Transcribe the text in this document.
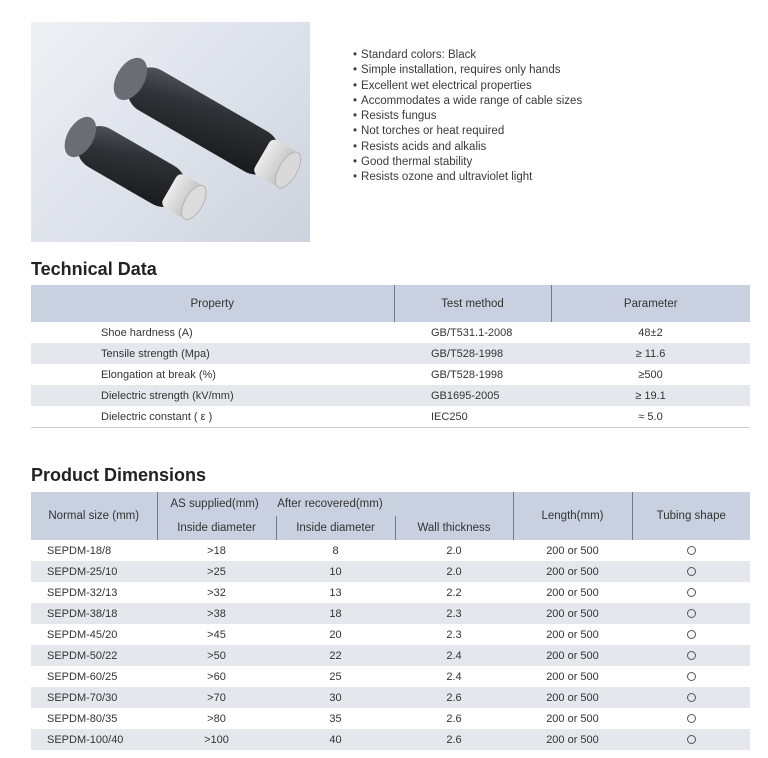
• Standard colors: Black
• Simple installation, requires only hands
• Excellent wet electrical properties
• Accommodates a wide range of cable sizes
• Resists fungus
• Not torches or heat required
• Resists acids and alkalis
• Good thermal stability
• Resists ozone and ultraviolet light
Technical Data
Property	Test method	Parameter
Shoe hardness (A)	GB/T531.1-2008	48±2
Tensile strength (Mpa)	GB/T528-1998	≥ 11.6
Elongation at break (%)	GB/T528-1998	≥500
Dielectric strength (kV/mm)	GB1695-2005	≥ 19.1
Dielectric constant ( ε )	IEC250	≈ 5.0
Product Dimensions
Normal size (mm)	AS supplied(mm)      After recovered(mm)			Length(mm)	Tubing shape
	Inside diameter	Inside diameter	Wall thickness		
SEPDM-18/8	>18	8	2.0	200 or 500	
SEPDM-25/10	>25	10	2.0	200 or 500	
SEPDM-32/13	>32	13	2.2	200 or 500	
SEPDM-38/18	>38	18	2.3	200 or 500	
SEPDM-45/20	>45	20	2.3	200 or 500	
SEPDM-50/22	>50	22	2.4	200 or 500	
SEPDM-60/25	>60	25	2.4	200 or 500	
SEPDM-70/30	>70	30	2.6	200 or 500	
SEPDM-80/35	>80	35	2.6	200 or 500	
SEPDM-100/40	>100	40	2.6	200 or 500	
